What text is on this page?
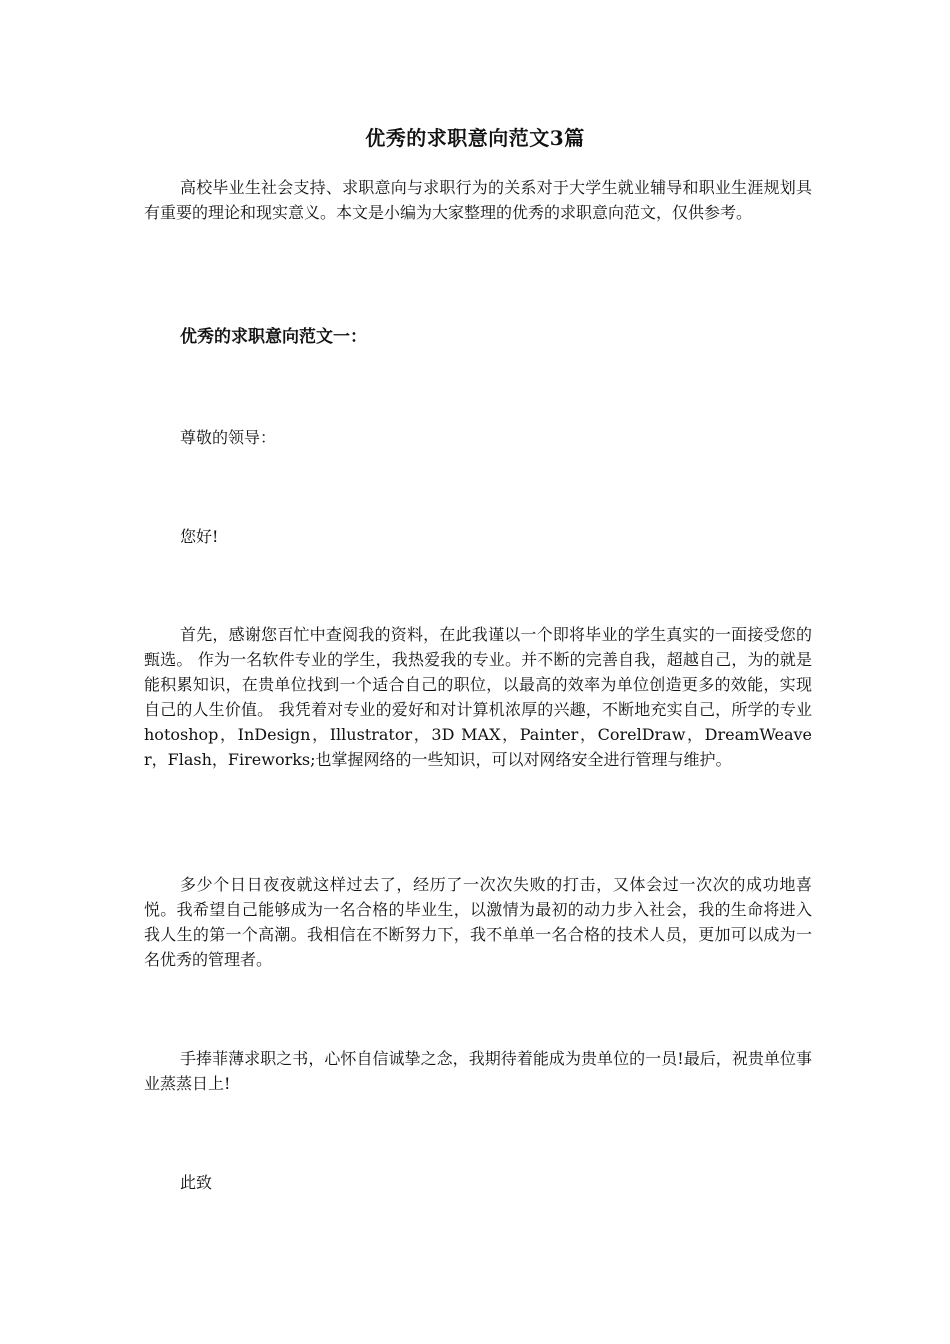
优秀的求职意向范文3篇
高校毕业生社会支持、求职意向与求职行为的关系对于大学生就业辅导和职业生涯规划具有重要的理论和现实意义。本文是小编为大家整理的优秀的求职意向范文，仅供参考。
优秀的求职意向范文一：
尊敬的领导：
您好!
首先，感谢您百忙中查阅我的资料，在此我谨以一个即将毕业的学生真实的一面接受您的甄选。 作为一名软件专业的学生，我热爱我的专业。并不断的完善自我，超越自己，为的就是能积累知识，在贵单位找到一个适合自己的职位，以最高的效率为单位创造更多的效能，实现自己的人生价值。 我凭着对专业的爱好和对计算机浓厚的兴趣，不断地充实自己，所学的专业hotoshop，InDesign，Illustrator，3D MAX，Painter，CorelDraw，DreamWeaver，Flash，Fireworks;也掌握网络的一些知识，可以对网络安全进行管理与维护。
多少个日日夜夜就这样过去了，经历了一次次失败的打击，又体会过一次次的成功地喜悦。我希望自己能够成为一名合格的毕业生，以激情为最初的动力步入社会，我的生命将进入我人生的第一个高潮。我相信在不断努力下，我不单单一名合格的技术人员，更加可以成为一名优秀的管理者。
手捧菲薄求职之书，心怀自信诚挚之念，我期待着能成为贵单位的一员!最后，祝贵单位事业蒸蒸日上!
此致
